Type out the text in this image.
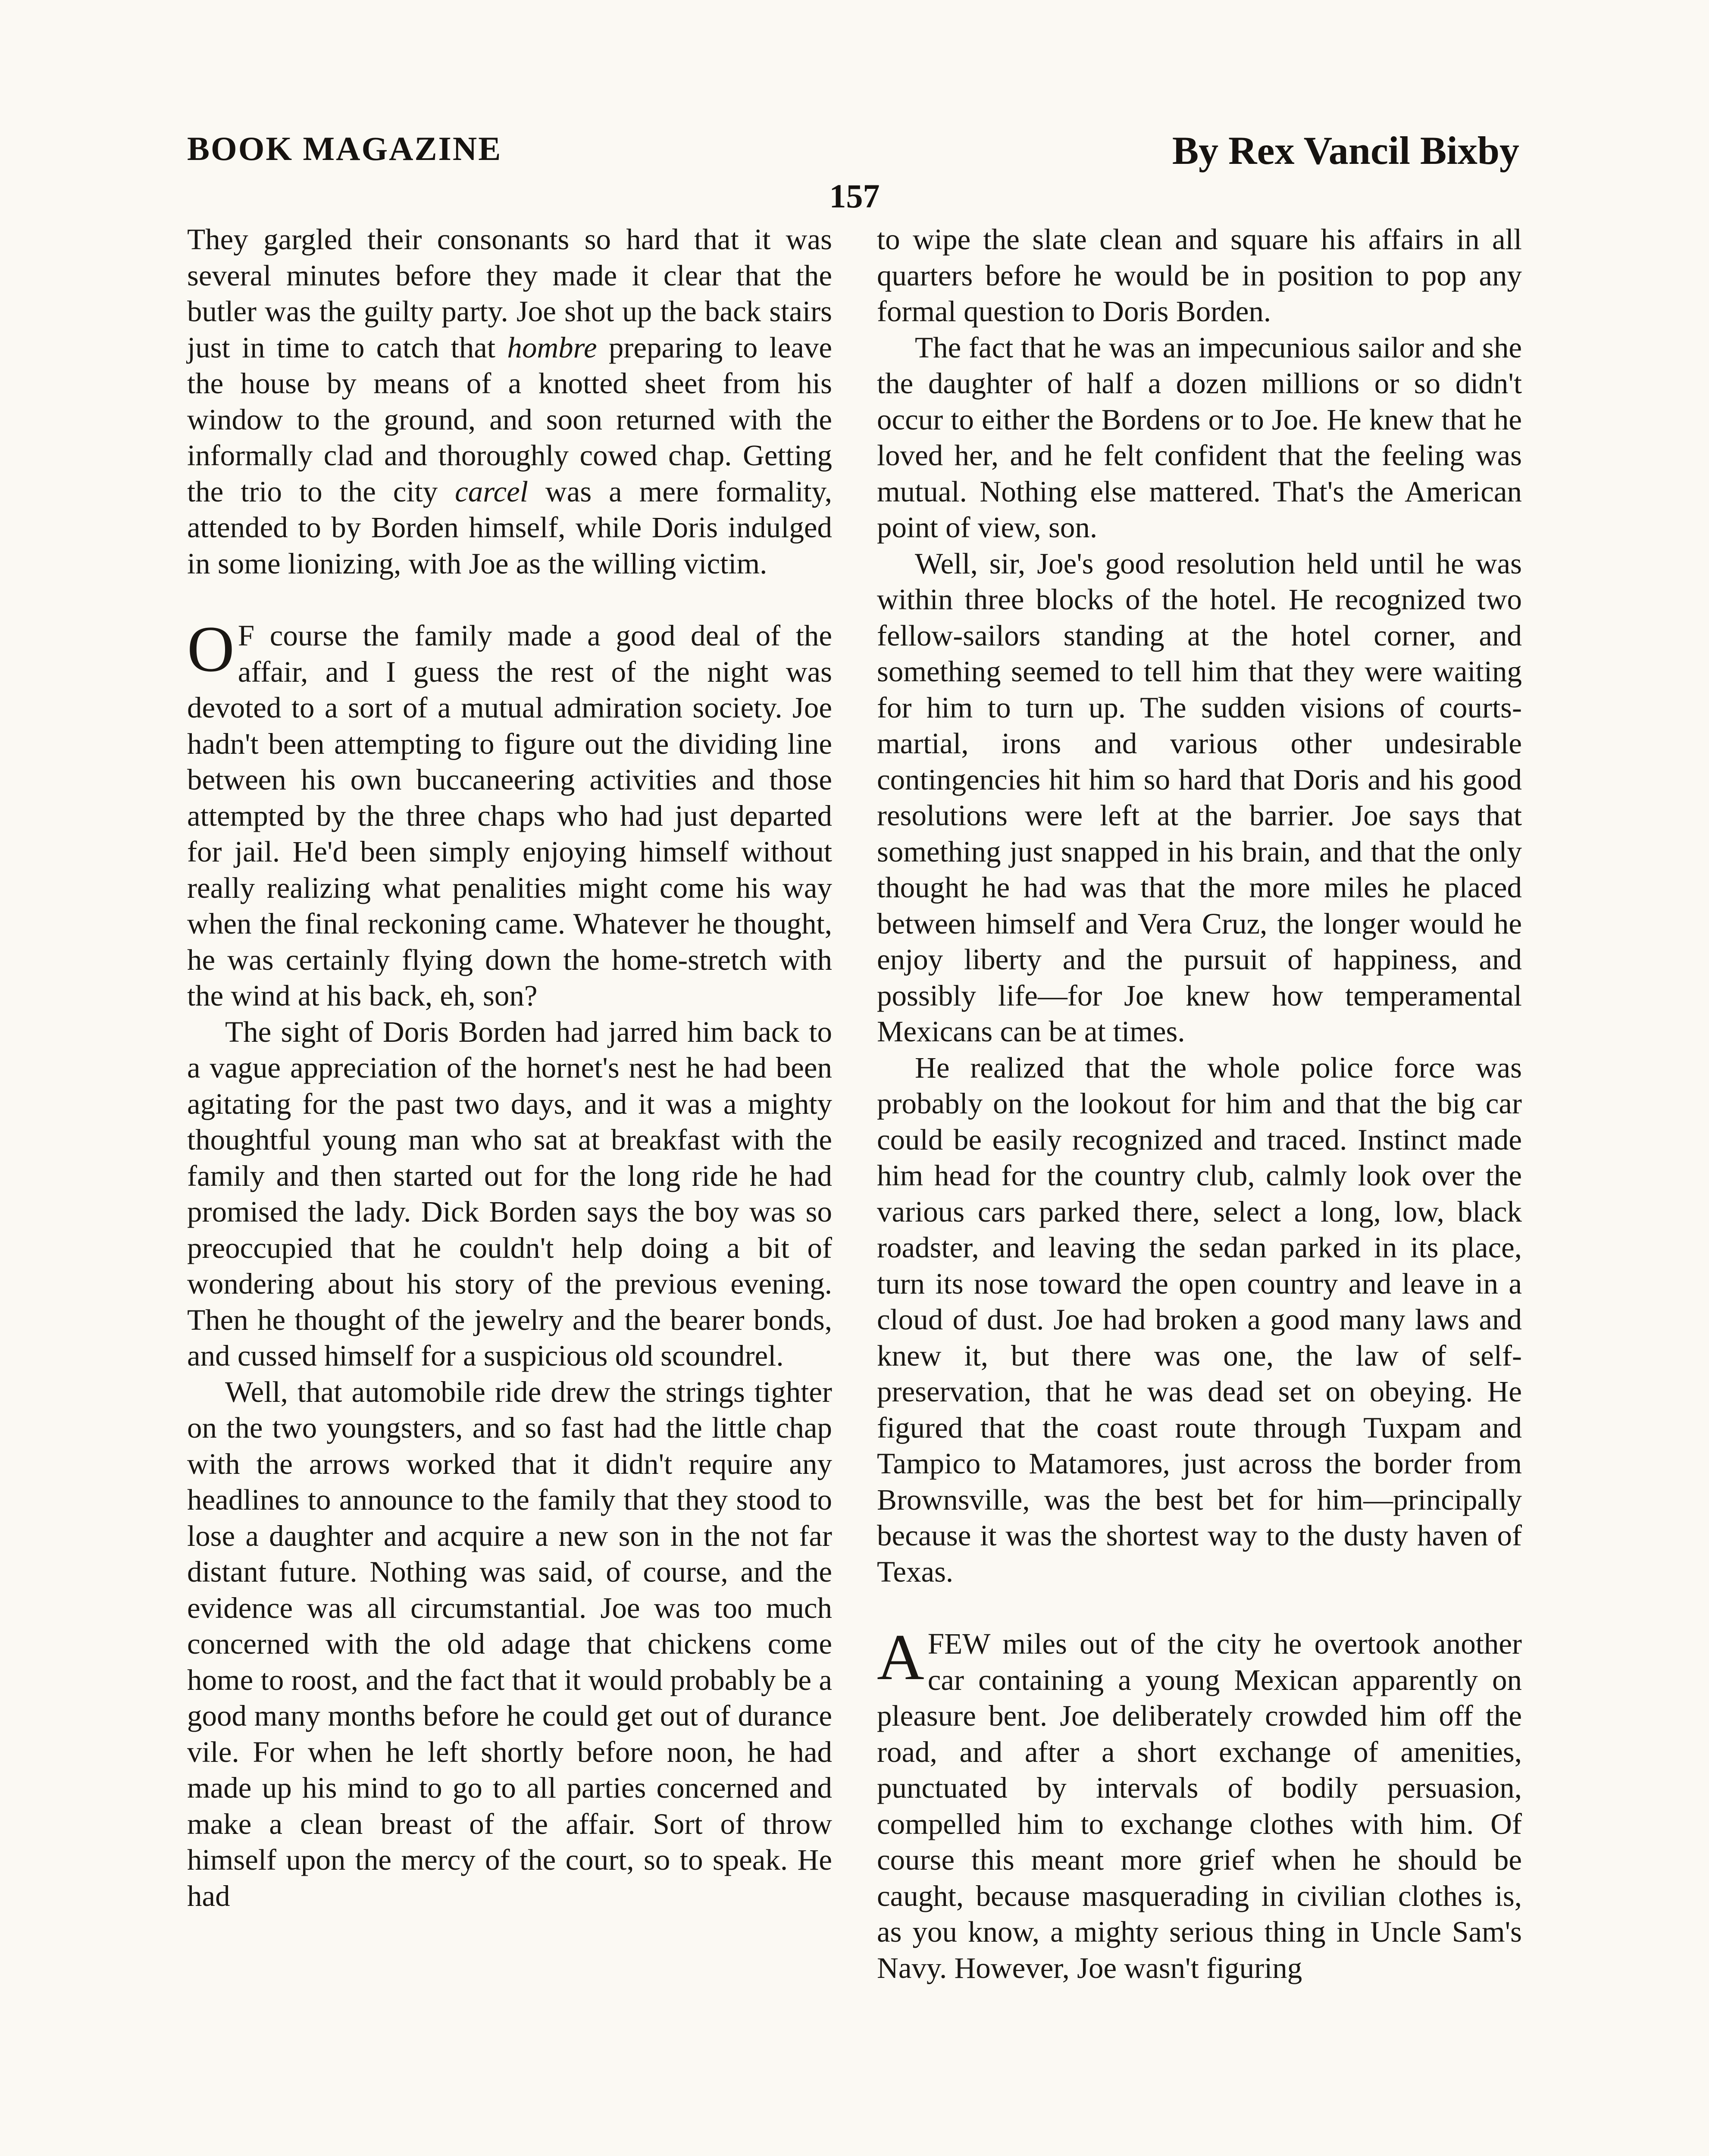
BOOK MAGAZINE	By Rex Vancil Bixby
157

They gargled their consonants so hard that it was several minutes before they made it clear that the butler was the guilty party. Joe shot up the back stairs just in time to catch that hombre preparing to leave the house by means of a knotted sheet from his window to the ground, and soon returned with the informally clad and thoroughly cowed chap. Getting the trio to the city carcel was a mere formality, attended to by Borden himself, while Doris indulged in some lionizing, with Joe as the willing victim.

O F course the family made a good deal of the affair, and I guess the rest of the night was devoted to a sort of a mutual admiration society. Joe hadn't been attempting to figure out the dividing line between his own buccaneering activities and those attempted by the three chaps who had just departed for jail. He'd been simply enjoying himself without really realizing what penalities might come his way when the final reckoning came. Whatever he thought, he was certainly flying down the home-stretch with the wind at his back, eh, son?

The sight of Doris Borden had jarred him back to a vague appreciation of the hornet's nest he had been agitating for the past two days, and it was a mighty thoughtful young man who sat at breakfast with the family and then started out for the long ride he had promised the lady. Dick Borden says the boy was so preoccupied that he couldn't help doing a bit of wondering about his story of the previous evening. Then he thought of the jewelry and the bearer bonds, and cussed himself for a suspicious old scoundrel.

Well, that automobile ride drew the strings tighter on the two youngsters, and so fast had the little chap with the arrows worked that it didn't require any headlines to announce to the family that they stood to lose a daughter and acquire a new son in the not far distant future. Nothing was said, of course, and the evidence was all circumstantial. Joe was too much concerned with the old adage that chickens come home to roost, and the fact that it would probably be a good many months before he could get out of durance vile. For when he left shortly before noon, he had made up his mind to go to all parties concerned and make a clean breast of the affair. Sort of throw himself upon the mercy of the court, so to speak. He had

to wipe the slate clean and square his affairs in all quarters before he would be in position to pop any formal question to Doris Borden.

The fact that he was an impecunious sailor and she the daughter of half a dozen millions or so didn't occur to either the Bordens or to Joe. He knew that he loved her, and he felt confident that the feeling was mutual. Nothing else mattered. That's the American point of view, son.

Well, sir, Joe's good resolution held until he was within three blocks of the hotel. He recognized two fellow-sailors standing at the hotel corner, and something seemed to tell him that they were waiting for him to turn up. The sudden visions of courts-martial, irons and various other undesirable contingencies hit him so hard that Doris and his good resolutions were left at the barrier. Joe says that something just snapped in his brain, and that the only thought he had was that the more miles he placed between himself and Vera Cruz, the longer would he enjoy liberty and the pursuit of happiness, and possibly life—for Joe knew how temperamental Mexicans can be at times.

He realized that the whole police force was probably on the lookout for him and that the big car could be easily recognized and traced. Instinct made him head for the country club, calmly look over the various cars parked there, select a long, low, black roadster, and leaving the sedan parked in its place, turn its nose toward the open country and leave in a cloud of dust. Joe had broken a good many laws and knew it, but there was one, the law of self-preservation, that he was dead set on obeying. He figured that the coast route through Tuxpam and Tampico to Matamores, just across the border from Brownsville, was the best bet for him—principally because it was the shortest way to the dusty haven of Texas.

AFEW miles out of the city he overtook another car containing a young Mexican apparently on pleasure bent. Joe deliberately crowded him off the road, and after a short exchange of amenities, punctuated by intervals of bodily persuasion, compelled him to exchange clothes with him. Of course this meant more grief when he should be caught, because masquerading in civilian clothes is, as you know, a mighty serious thing in Uncle Sam's Navy. However, Joe wasn't figuring
